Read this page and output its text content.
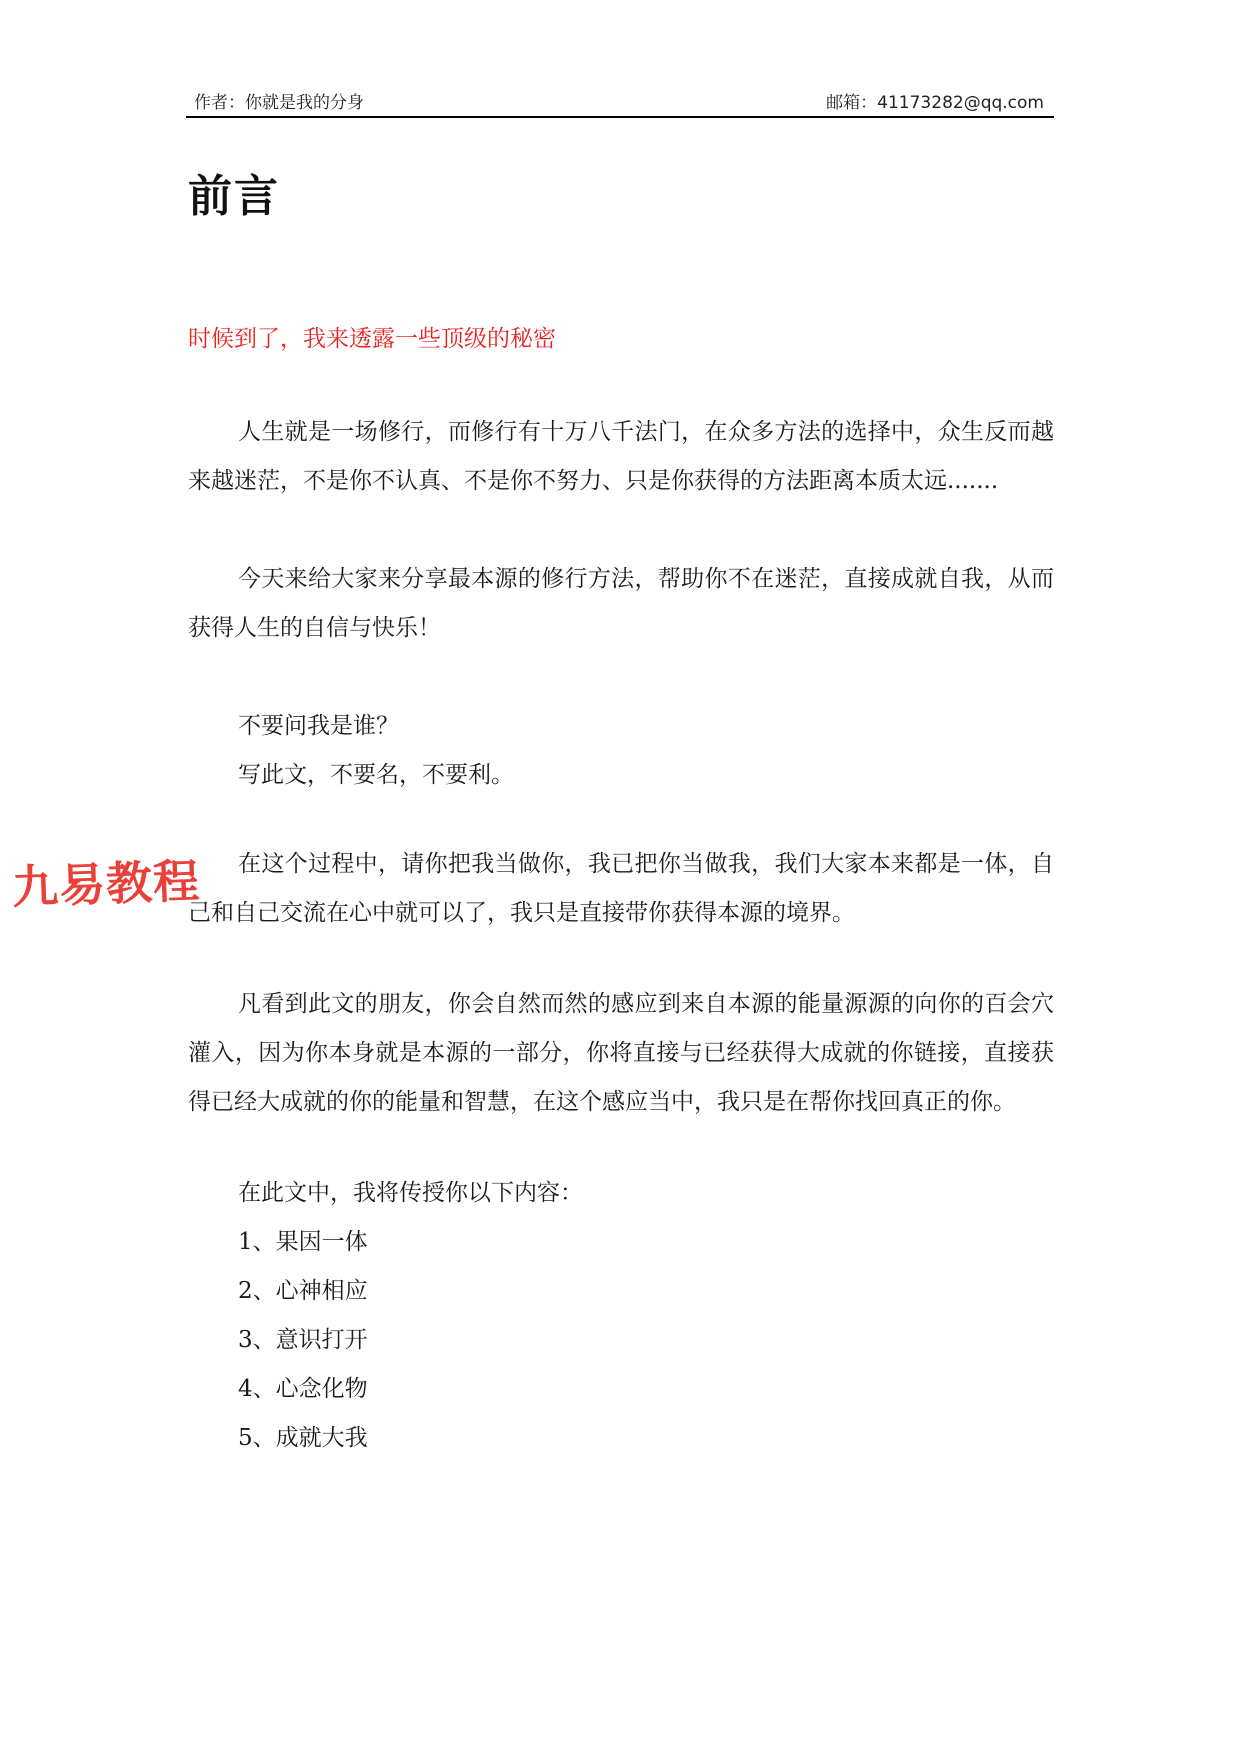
作者：你就是我的分身	邮箱：41173282@qq.com
前言

时候到了，我来透露一些顶级的秘密

人生就是一场修行，而修行有十万八千法门，在众多方法的选择中，众生反而越来越迷茫，不是你不认真、不是你不努力、只是你获得的方法距离本质太远.......

今天来给大家来分享最本源的修行方法，帮助你不在迷茫，直接成就自我，从而获得人生的自信与快乐！

不要问我是谁？

写此文，不要名，不要利。

在这个过程中，请你把我当做你，我已把你当做我，我们大家本来都是一体，自己和自己交流在心中就可以了，我只是直接带你获得本源的境界。

凡看到此文的朋友，你会自然而然的感应到来自本源的能量源源的向你的百会穴灌入，因为你本身就是本源的一部分，你将直接与已经获得大成就的你链接，直接获得已经大成就的你的能量和智慧，在这个感应当中，我只是在帮你找回真正的你。

在此文中，我将传授你以下内容：

1、果因一体

2、心神相应

3、意识打开

4、心念化物

5、成就大我

九易教程
